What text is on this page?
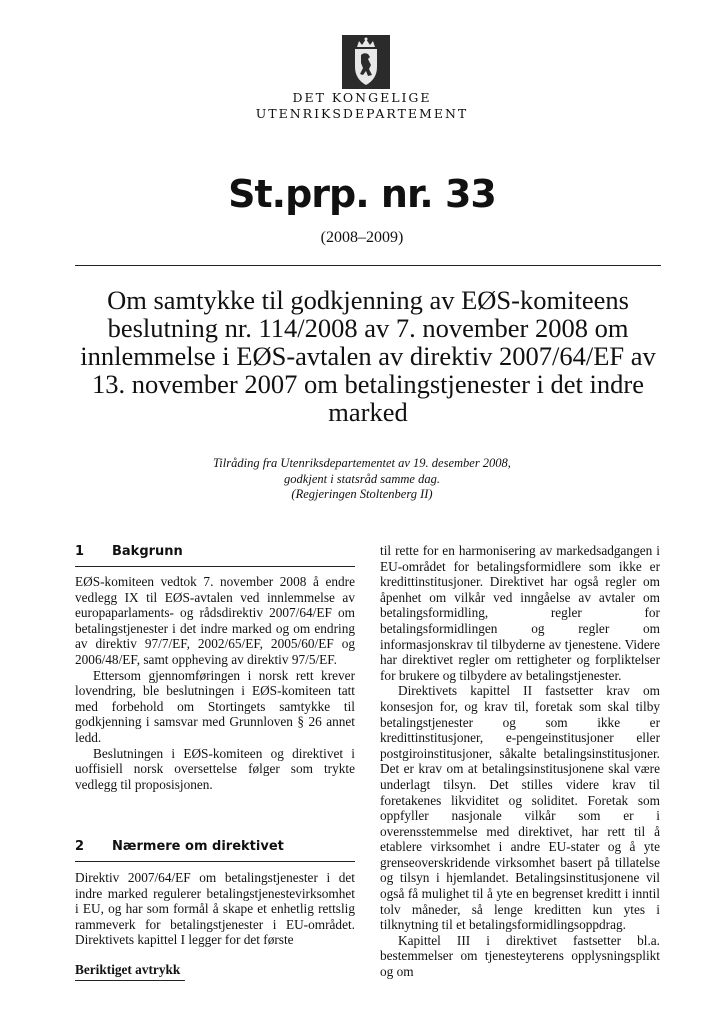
DET KONGELIGE
UTENRIKSDEPARTEMENT
St.prp. nr. 33
(2008–2009)
Om samtykke til godkjenning av EØS-komiteens beslutning nr. 114/2008 av 7. november 2008 om innlemmelse i EØS-avtalen av direktiv 2007/64/EF av 13. november 2007 om betalingstjenester i det indre marked
Tilråding fra Utenriksdepartementet av 19. desember 2008,
godkjent i statsråd samme dag.
(Regjeringen Stoltenberg II)
1 Bakgrunn

EØS-komiteen vedtok 7. november 2008 å endre vedlegg IX til EØS-avtalen ved innlemmelse av europaparlaments- og rådsdirektiv 2007/64/EF om betalingstjenester i det indre marked og om endring av direktiv 97/7/EF, 2002/65/EF, 2005/60/EF og 2006/48/EF, samt oppheving av direktiv 97/5/EF.

Ettersom gjennomføringen i norsk rett krever lovendring, ble beslutningen i EØS-komiteen tatt med forbehold om Stortingets samtykke til godkjenning i samsvar med Grunnloven § 26 annet ledd.

Beslutningen i EØS-komiteen og direktivet i uoffisiell norsk oversettelse følger som trykte vedlegg til proposisjonen.

2 Nærmere om direktivet

Direktiv 2007/64/EF om betalingstjenester i det indre marked regulerer betalingstjenestevirksomhet i EU, og har som formål å skape et enhetlig rettslig rammeverk for betalingstjenester i EU-området. Direktivets kapittel I legger for det første

til rette for en harmonisering av markedsadgangen i EU-området for betalingsformidlere som ikke er kredittinstitusjoner. Direktivet har også regler om åpenhet om vilkår ved inngåelse av avtaler om betalingsformidling, regler for betalingsformidlingen og regler om informasjonskrav til tilbyderne av tjenestene. Videre har direktivet regler om rettigheter og forpliktelser for brukere og tilbydere av betalingstjenester.

Direktivets kapittel II fastsetter krav om konsesjon for, og krav til, foretak som skal tilby betalingstjenester og som ikke er kredittinstitusjoner, e-pengeinstitusjoner eller postgiroinstitusjoner, såkalte betalingsinstitusjoner. Det er krav om at betalingsinstitusjonene skal være underlagt tilsyn. Det stilles videre krav til foretakenes likviditet og soliditet. Foretak som oppfyller nasjonale vilkår som er i overensstemmelse med direktivet, har rett til å etablere virksomhet i andre EU-stater og å yte grenseoverskridende virksomhet basert på tillatelse og tilsyn i hjemlandet. Betalingsinstitusjonene vil også få mulighet til å yte en begrenset kreditt i inntil tolv måneder, så lenge kreditten kun ytes i tilknytning til et betalingsformidlingsoppdrag.

Kapittel III i direktivet fastsetter bl.a. bestemmelser om tjenesteyterens opplysningsplikt og om

Beriktiget avtrykk
